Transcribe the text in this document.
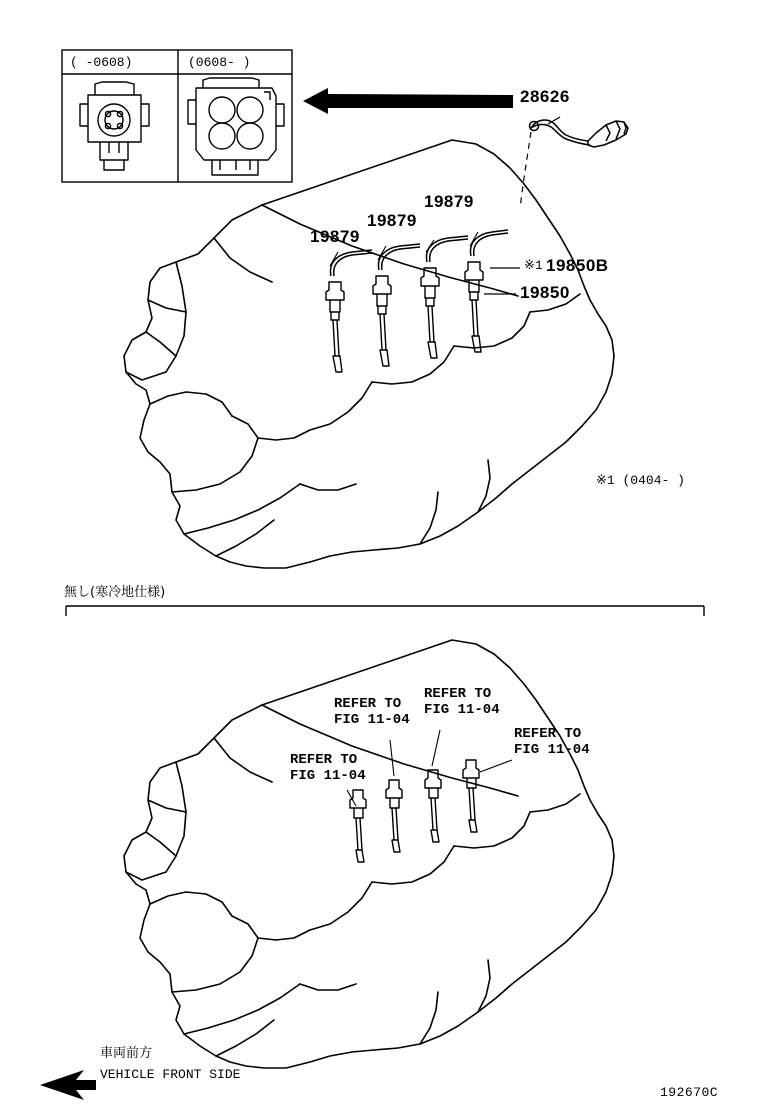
( -0608)	(0608- )
28626
19879
19879
19879
※1 19850B
19850
※1 (0404- )
無し(寒冷地仕様)
REFER TO
FIG 11-04
REFER TO
FIG 11-04
REFER TO
FIG 11-04
REFER TO
FIG 11-04
車両前方
VEHICLE FRONT SIDE
192670C
